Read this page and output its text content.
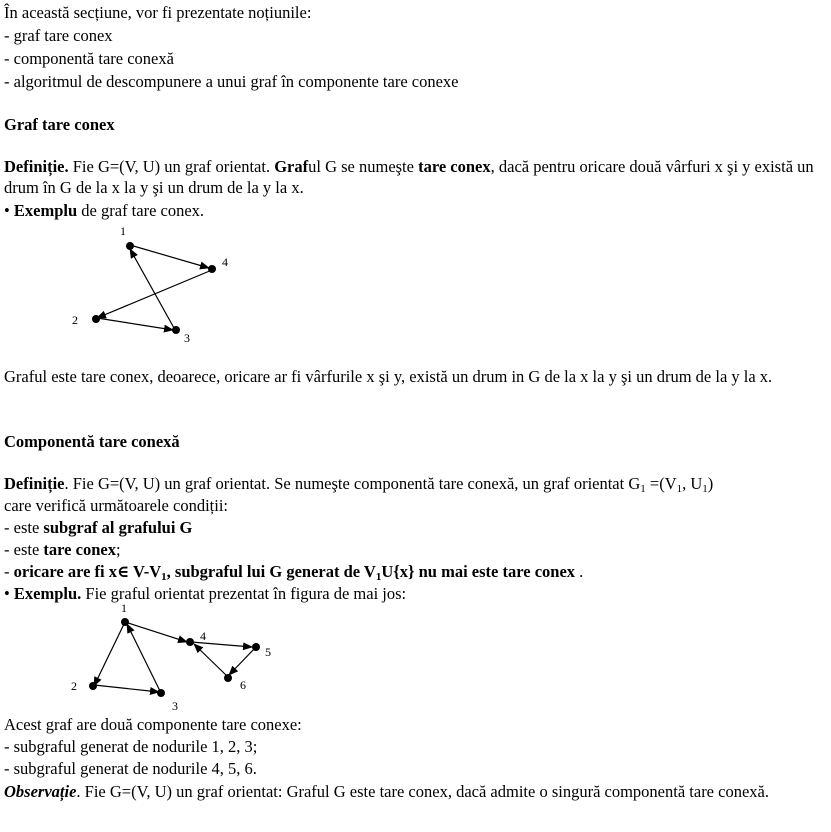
În această secțiune, vor fi prezentate noțiunile:
- graf tare conex
- componentă tare conexă
- algoritmul de descompunere a unui graf în componente tare conexe
Graf tare conex
Definiție. Fie G=(V, U) un graf orientat. Graful G se numeşte tare conex, dacă pentru oricare două vârfuri x şi y există un drum în G de la x la y şi un drum de la y la x.
• Exemplu de graf tare conex.
1
4
2
3
Graful este tare conex, deoarece, oricare ar fi vârfurile x şi y, există un drum in G de la x la y şi un drum de la y la x.
Componentă tare conexă
Definiție. Fie G=(V, U) un graf orientat. Se numeşte componentă tare conexă, un graf orientat $G_1 =(V_1$, $U_1$)
care verifică următoarele condiții:
- este subgraf al grafului G
- este tare conex;
- oricare are fi x∈ $V-V_1$, subgraful lui G generat de $V_1U\{x\}$ nu mai este tare conex .
• Exemplu. Fie graful orientat prezentat în figura de mai jos:
1
4
5
2	6
3
Acest graf are două componente tare conexe:
- subgraful generat de nodurile 1, 2, 3;
- subgraful generat de nodurile 4, 5, 6.
Observație. Fie G=(V, U) un graf orientat: Graful G este tare conex, dacă admite o singură componentă tare conexă.
